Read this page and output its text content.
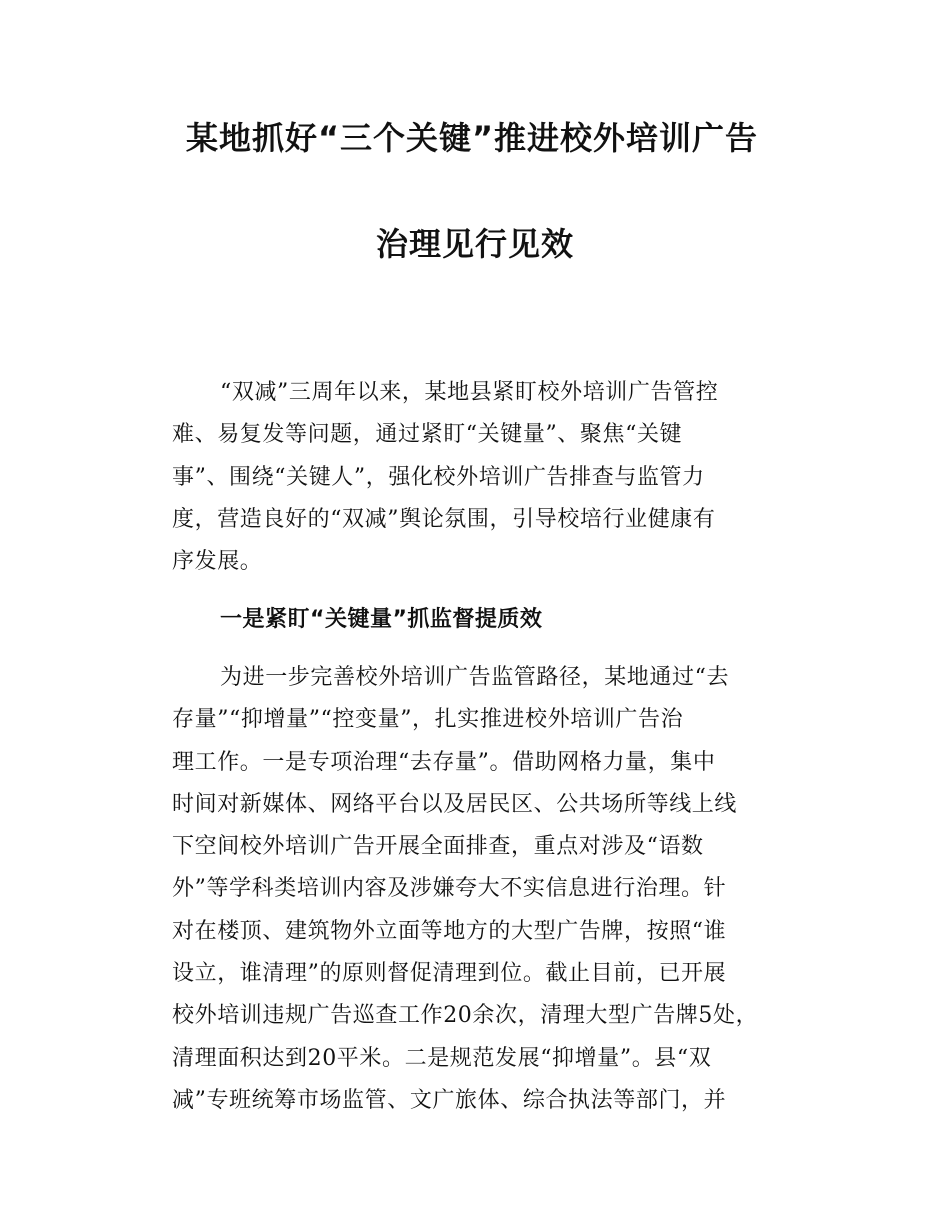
某地抓好“三个关键”推进校外培训广告
治理见行见效
“双减”三周年以来，某地县紧盯校外培训广告管控
难、易复发等问题，通过紧盯“关键量”、聚焦“关键
事”、围绕“关键人”，强化校外培训广告排查与监管力
度，营造良好的“双减”舆论氛围，引导校培行业健康有
序发展。
一是紧盯“关键量”抓监督提质效
为进一步完善校外培训广告监管路径，某地通过“去
存量”“抑增量”“控变量”，扎实推进校外培训广告治
理工作。一是专项治理“去存量”。借助网格力量，集中
时间对新媒体、网络平台以及居民区、公共场所等线上线
下空间校外培训广告开展全面排查，重点对涉及“语数
外”等学科类培训内容及涉嫌夸大不实信息进行治理。针
对在楼顶、建筑物外立面等地方的大型广告牌，按照“谁
设立，谁清理”的原则督促清理到位。截止目前，已开展
校外培训违规广告巡查工作20余次，清理大型广告牌5处，
清理面积达到20平米。二是规范发展“抑增量”。县“双
减”专班统筹市场监管、文广旅体、综合执法等部门，并
